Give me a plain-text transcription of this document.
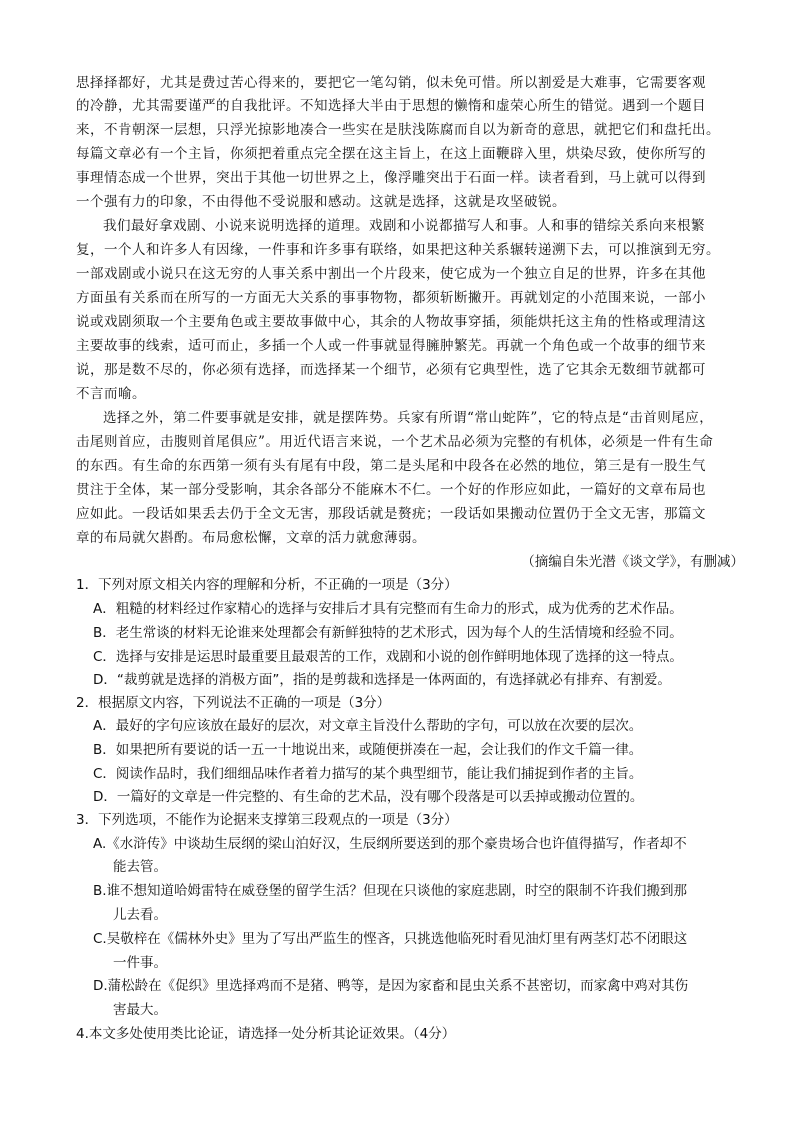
思择择都好，尤其是费过苦心得来的，要把它一笔勾销，似未免可惜。所以割爱是大难事，它需要客观
的冷静，尤其需要谨严的自我批评。不知选择大半由于思想的懒惰和虚荣心所生的错觉。遇到一个题目
来，不肯朝深一层想，只浮光掠影地凑合一些实在是肤浅陈腐而自以为新奇的意思，就把它们和盘托出。
每篇文章必有一个主旨，你须把着重点完全摆在这主旨上，在这上面鞭辟入里，烘染尽致，使你所写的
事理情态成一个世界，突出于其他一切世界之上，像浮雕突出于石面一样。读者看到，马上就可以得到
一个强有力的印象，不由得他不受说服和感动。这就是选择，这就是攻坚破锐。
我们最好拿戏剧、小说来说明选择的道理。戏剧和小说都描写人和事。人和事的错综关系向来根繁
复，一个人和许多人有因缘，一件事和许多事有联络，如果把这种关系辗转递溯下去，可以推演到无穷。
一部戏剧或小说只在这无穷的人事关系中割出一个片段来，使它成为一个独立自足的世界，许多在其他
方面虽有关系而在所写的一方面无大关系的事事物物，都须斩断撇开。再就划定的小范围来说，一部小
说或戏剧须取一个主要角色或主要故事做中心，其余的人物故事穿插，须能烘托这主角的性格或理清这
主要故事的线索，适可而止，多插一个人或一件事就显得臃肿繁芜。再就一个角色或一个故事的细节来
说，那是数不尽的，你必须有选择，而选择某一个细节，必须有它典型性，选了它其余无数细节就都可
不言而喻。
选择之外，第二件要事就是安排，就是摆阵势。兵家有所谓“常山蛇阵”，它的特点是“击首则尾应，
击尾则首应，击腹则首尾俱应”。用近代语言来说，一个艺术品必须为完整的有机体，必须是一件有生命
的东西。有生命的东西第一须有头有尾有中段，第二是头尾和中段各在必然的地位，第三是有一股生气
贯注于全体，某一部分受影响，其余各部分不能麻木不仁。一个好的作形应如此，一篇好的文章布局也
应如此。一段话如果丢去仍于全文无害，那段话就是赘疣；一段话如果搬动位置仍于全文无害，那篇文
章的布局就欠斟酌。布局愈松懈，文章的活力就愈薄弱。
（摘编自朱光潜《谈文学》，有删减）
1．下列对原文相关内容的理解和分析，不正确的一项是（3分）
A．粗糙的材料经过作家精心的选择与安排后才具有完整而有生命力的形式，成为优秀的艺术作品。
B．老生常谈的材料无论谁来处理都会有新鲜独特的艺术形式，因为每个人的生活情境和经验不同。
C．选择与安排是运思时最重要且最艰苦的工作，戏剧和小说的创作鲜明地体现了选择的这一特点。
D．“裁剪就是选择的消极方面”，指的是剪裁和选择是一体两面的，有选择就必有排弃、有割爱。
2．根据原文内容，下列说法不正确的一项是（3分）
A．最好的字句应该放在最好的层次，对文章主旨没什么帮助的字句，可以放在次要的层次。
B．如果把所有要说的话一五一十地说出来，或随便拼凑在一起，会让我们的作文千篇一律。
C．阅读作品时，我们细细品味作者着力描写的某个典型细节，能让我们捕捉到作者的主旨。
D．一篇好的文章是一件完整的、有生命的艺术品，没有哪个段落是可以丢掉或搬动位置的。
3．下列选项，不能作为论据来支撑第三段观点的一项是（3分）
A.《水浒传》中谈劫生辰纲的梁山泊好汉，生辰纲所要送到的那个豪贵场合也许值得描写，作者却不
能去管。
B.谁不想知道哈姆雷特在威登堡的留学生活？但现在只谈他的家庭悲剧，时空的限制不许我们搬到那
儿去看。
C.吴敬梓在《儒林外史》里为了写出严监生的悭吝，只挑选他临死时看见油灯里有两茎灯芯不闭眼这
一件事。
D.蒲松龄在《促织》里选择鸡而不是猪、鸭等，是因为家畜和昆虫关系不甚密切，而家禽中鸡对其伤
害最大。
4.本文多处使用类比论证，请选择一处分析其论证效果。（4分）
